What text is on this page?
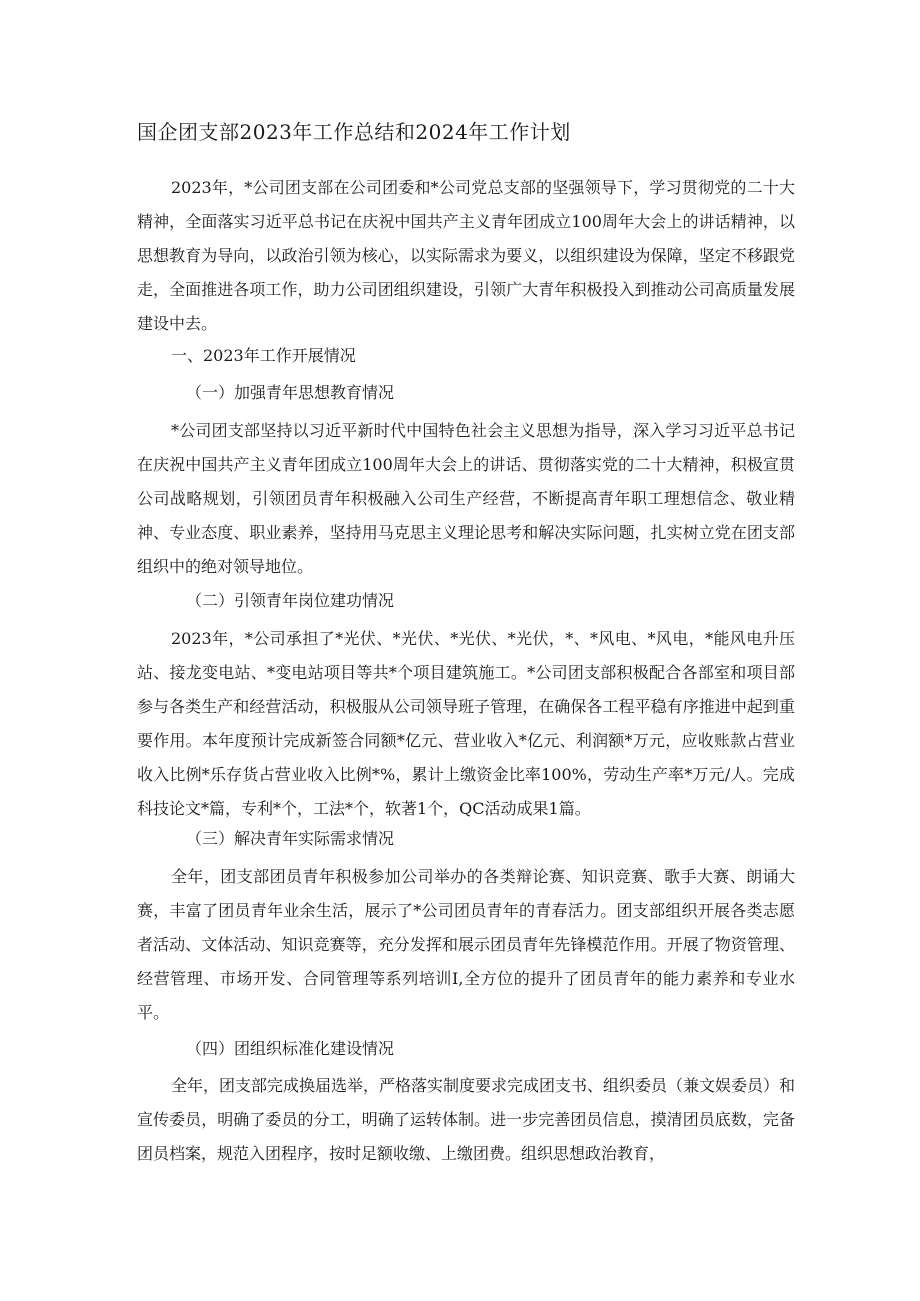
国企团支部2023年工作总结和2024年工作计划

2023年，*公司团支部在公司团委和*公司党总支部的坚强领导下，学习贯彻党的二十大精神，全面落实习近平总书记在庆祝中国共产主义青年团成立100周年大会上的讲话精神，以思想教育为导向，以政治引领为核心，以实际需求为要义，以组织建设为保障，坚定不移跟党走，全面推进各项工作，助力公司团组织建设，引领广大青年积极投入到推动公司高质量发展建设中去。

一、2023年工作开展情况

（一）加强青年思想教育情况

*公司团支部坚持以习近平新时代中国特色社会主义思想为指导，深入学习习近平总书记在庆祝中国共产主义青年团成立100周年大会上的讲话、贯彻落实党的二十大精神，积极宣贯公司战略规划，引领团员青年积极融入公司生产经营，不断提高青年职工理想信念、敬业精神、专业态度、职业素养，坚持用马克思主义理论思考和解决实际问题，扎实树立党在团支部组织中的绝对领导地位。

（二）引领青年岗位建功情况

2023年，*公司承担了*光伏、*光伏、*光伏、*光伏，*、*风电、*风电，*能风电升压站、接龙变电站、*变电站项目等共*个项目建筑施工。*公司团支部积极配合各部室和项目部参与各类生产和经营活动，积极服从公司领导班子管理，在确保各工程平稳有序推进中起到重要作用。本年度预计完成新签合同额*亿元、营业收入*亿元、利润额*万元，应收账款占营业收入比例*乐存货占营业收入比例*%，累计上缴资金比率100%，劳动生产率*万元/人。完成科技论文*篇，专利*个，工法*个，软著1个，QC活动成果1篇。

（三）解决青年实际需求情况

全年，团支部团员青年积极参加公司举办的各类辩论赛、知识竞赛、歌手大赛、朗诵大赛，丰富了团员青年业余生活，展示了*公司团员青年的青春活力。团支部组织开展各类志愿者活动、文体活动、知识竞赛等，充分发挥和展示团员青年先锋模范作用。开展了物资管理、经营管理、市场开发、合同管理等系列培训I,全方位的提升了团员青年的能力素养和专业水平。

（四）团组织标准化建设情况

全年，团支部完成换届选举，严格落实制度要求完成团支书、组织委员（兼文娱委员）和宣传委员，明确了委员的分工，明确了运转体制。进一步完善团员信息，摸清团员底数，完备团员档案，规范入团程序，按时足额收缴、上缴团费。组织思想政治教育，
